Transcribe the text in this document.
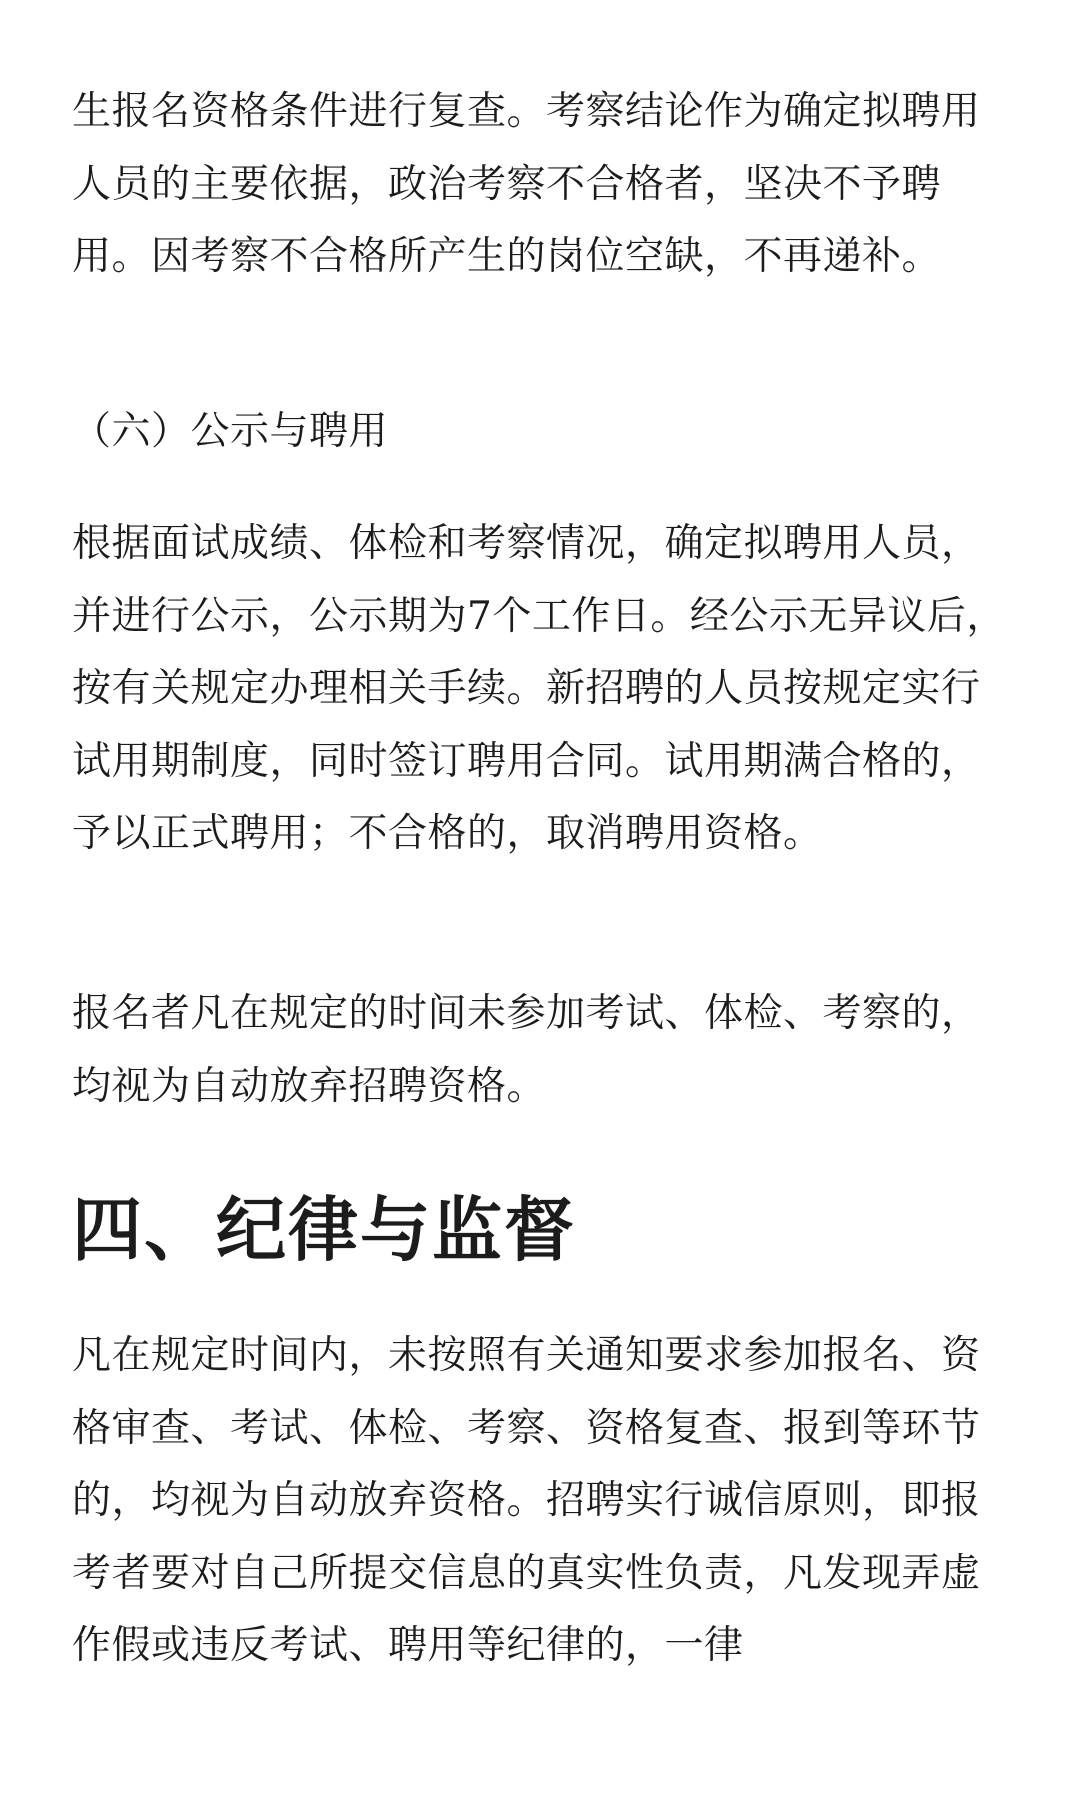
生报名资格条件进行复查。考察结论作为确定拟聘用人员的主要依据，政治考察不合格者，坚决不予聘用。因考察不合格所产生的岗位空缺，不再递补。

（六）公示与聘用

根据面试成绩、体检和考察情况，确定拟聘用人员，并进行公示，公示期为7个工作日。经公示无异议后，按有关规定办理相关手续。新招聘的人员按规定实行试用期制度，同时签订聘用合同。试用期满合格的，予以正式聘用；不合格的，取消聘用资格。

报名者凡在规定的时间未参加考试、体检、考察的，均视为自动放弃招聘资格。

四、纪律与监督

凡在规定时间内，未按照有关通知要求参加报名、资格审查、考试、体检、考察、资格复查、报到等环节的，均视为自动放弃资格。招聘实行诚信原则，即报考者要对自己所提交信息的真实性负责，凡发现弄虚作假或违反考试、聘用等纪律的，一律
